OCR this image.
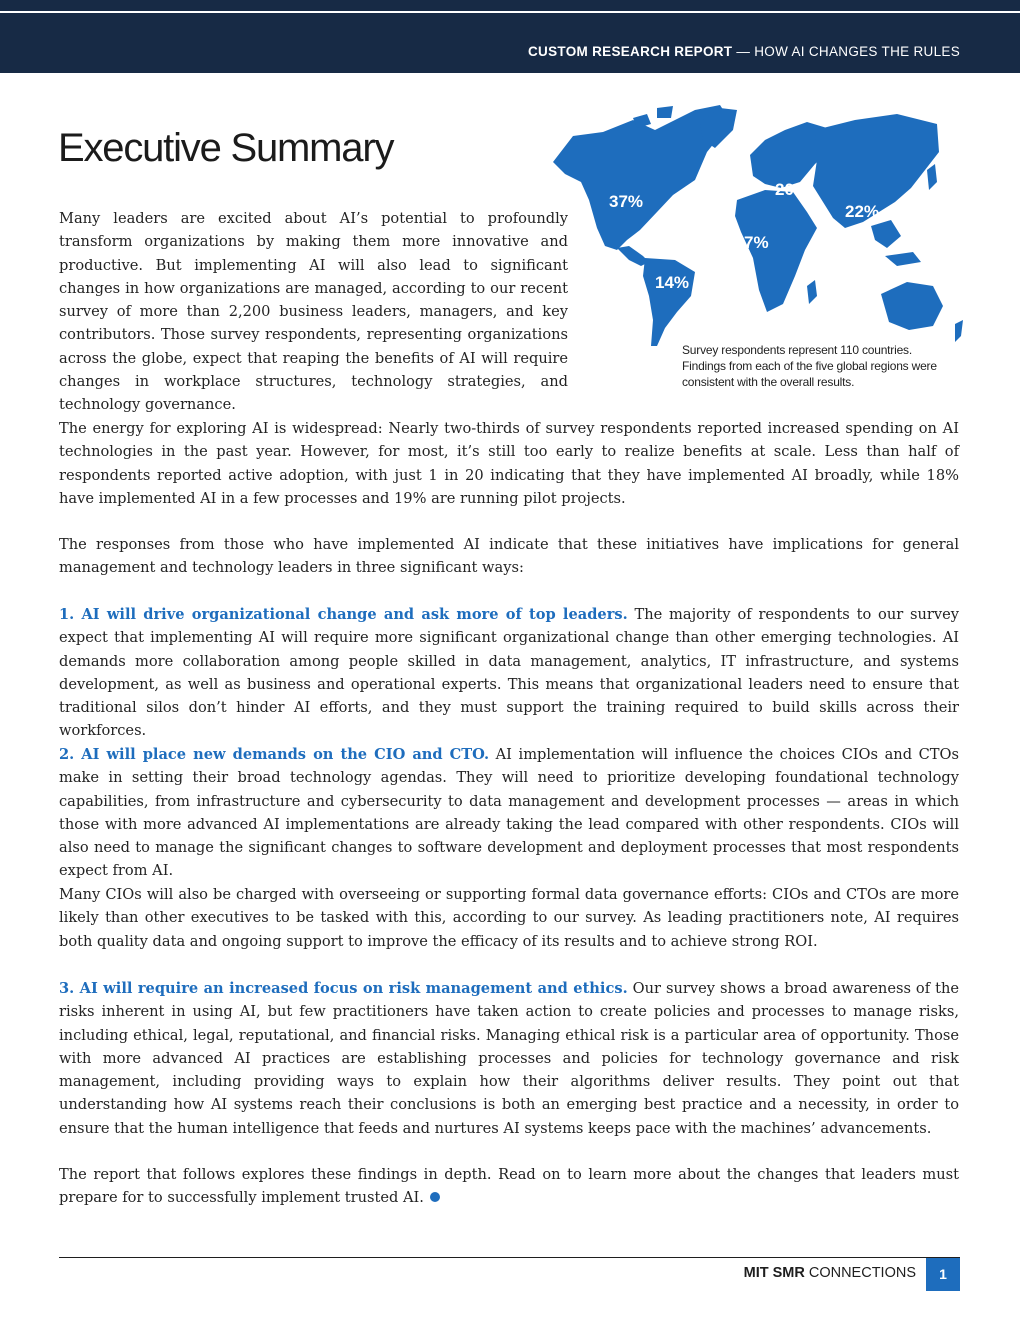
CUSTOM RESEARCH REPORT — HOW AI CHANGES THE RULES
Executive Summary
37%
14%
7%
20%
22%

Survey respondents represent 110 countries. Findings from each of the five global regions were consistent with the overall results.

Many leaders are excited about AI’s potential to profoundly transform organizations by making them more innovative and productive. But implementing AI will also lead to significant changes in how organizations are managed, according to our recent survey of more than 2,200 business leaders, managers, and key contributors. Those survey respondents, representing organizations across the globe, expect that reaping the benefits of AI will require changes in workplace structures, technology strategies, and technology governance.

The energy for exploring AI is widespread: Nearly two-thirds of survey respondents reported increased spending on AI technologies in the past year. However, for most, it’s still too early to realize benefits at scale. Less than half of respondents reported active adoption, with just 1 in 20 indicating that they have implemented AI broadly, while 18% have implemented AI in a few processes and 19% are running pilot projects.

The responses from those who have implemented AI indicate that these initiatives have implications for general management and technology leaders in three significant ways:

1. AI will drive organizational change and ask more of top leaders. The majority of respondents to our survey expect that implementing AI will require more significant organizational change than other emerging technologies. AI demands more collaboration among people skilled in data management, analytics, IT infrastructure, and systems development, as well as business and operational experts. This means that organizational leaders need to ensure that traditional silos don’t hinder AI efforts, and they must support the training required to build skills across their workforces.

2. AI will place new demands on the CIO and CTO. AI implementation will influence the choices CIOs and CTOs make in setting their broad technology agendas. They will need to prioritize developing foundational technology capabilities, from infrastructure and cybersecurity to data management and development processes — areas in which those with more advanced AI implementations are already taking the lead compared with other respondents. CIOs will also need to manage the significant changes to software development and deployment processes that most respondents expect from AI.

Many CIOs will also be charged with overseeing or supporting formal data governance efforts: CIOs and CTOs are more likely than other executives to be tasked with this, according to our survey. As leading practitioners note, AI requires both quality data and ongoing support to improve the efficacy of its results and to achieve strong ROI.

3. AI will require an increased focus on risk management and ethics. Our survey shows a broad awareness of the risks inherent in using AI, but few practitioners have taken action to create policies and processes to manage risks, including ethical, legal, reputational, and financial risks. Managing ethical risk is a particular area of opportunity. Those with more advanced AI practices are establishing processes and policies for technology governance and risk management, including providing ways to explain how their algorithms deliver results. They point out that understanding how AI systems reach their conclusions is both an emerging best practice and a necessity, in order to ensure that the human intelligence that feeds and nurtures AI systems keeps pace with the machines’ advancements.

The report that follows explores these findings in depth. Read on to learn more about the changes that leaders must prepare for to successfully implement trusted AI.

MIT SMR CONNECTIONS	1
